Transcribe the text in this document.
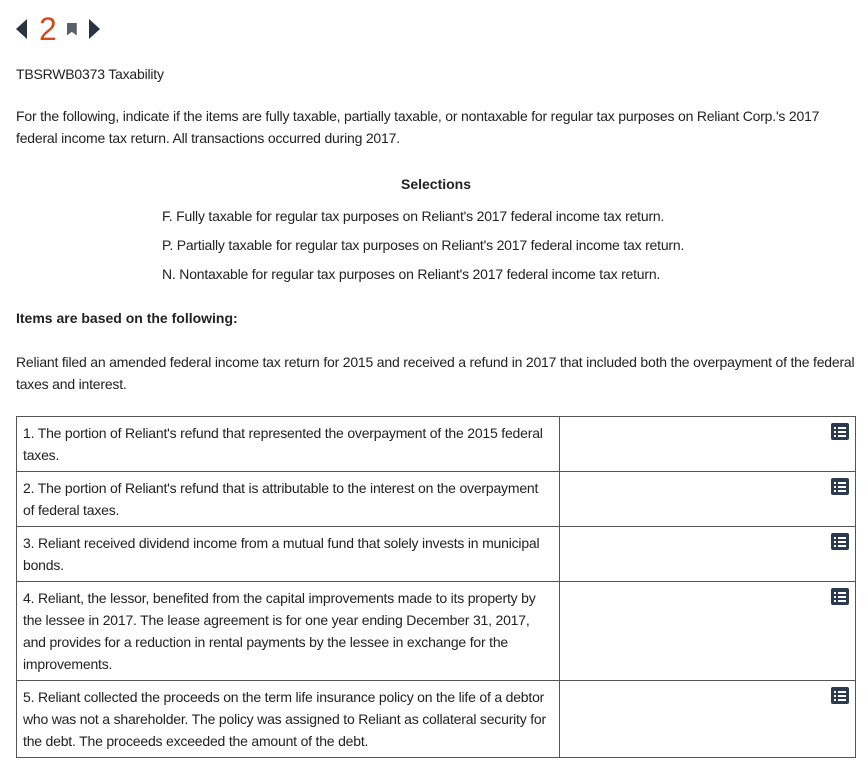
2
TBSRWB0373 Taxability
For the following, indicate if the items are fully taxable, partially taxable, or nontaxable for regular tax purposes on Reliant Corp.'s 2017 federal income tax return. All transactions occurred during 2017.
Selections
F. Fully taxable for regular tax purposes on Reliant's 2017 federal income tax return.
P. Partially taxable for regular tax purposes on Reliant's 2017 federal income tax return.
N. Nontaxable for regular tax purposes on Reliant's 2017 federal income tax return.
Items are based on the following:
Reliant filed an amended federal income tax return for 2015 and received a refund in 2017 that included both the overpayment of the federal taxes and interest.
1. The portion of Reliant's refund that represented the overpayment of the 2015 federal taxes.	

2. The portion of Reliant's refund that is attributable to the interest on the overpayment of federal taxes.	

3. Reliant received dividend income from a mutual fund that solely invests in municipal bonds.	

4. Reliant, the lessor, benefited from the capital improvements made to its property by the lessee in 2017. The lease agreement is for one year ending December 31, 2017, and provides for a reduction in rental payments by the lessee in exchange for the improvements.	

5. Reliant collected the proceeds on the term life insurance policy on the life of a debtor who was not a shareholder. The policy was assigned to Reliant as collateral security for the debt. The proceeds exceeded the amount of the debt.	
